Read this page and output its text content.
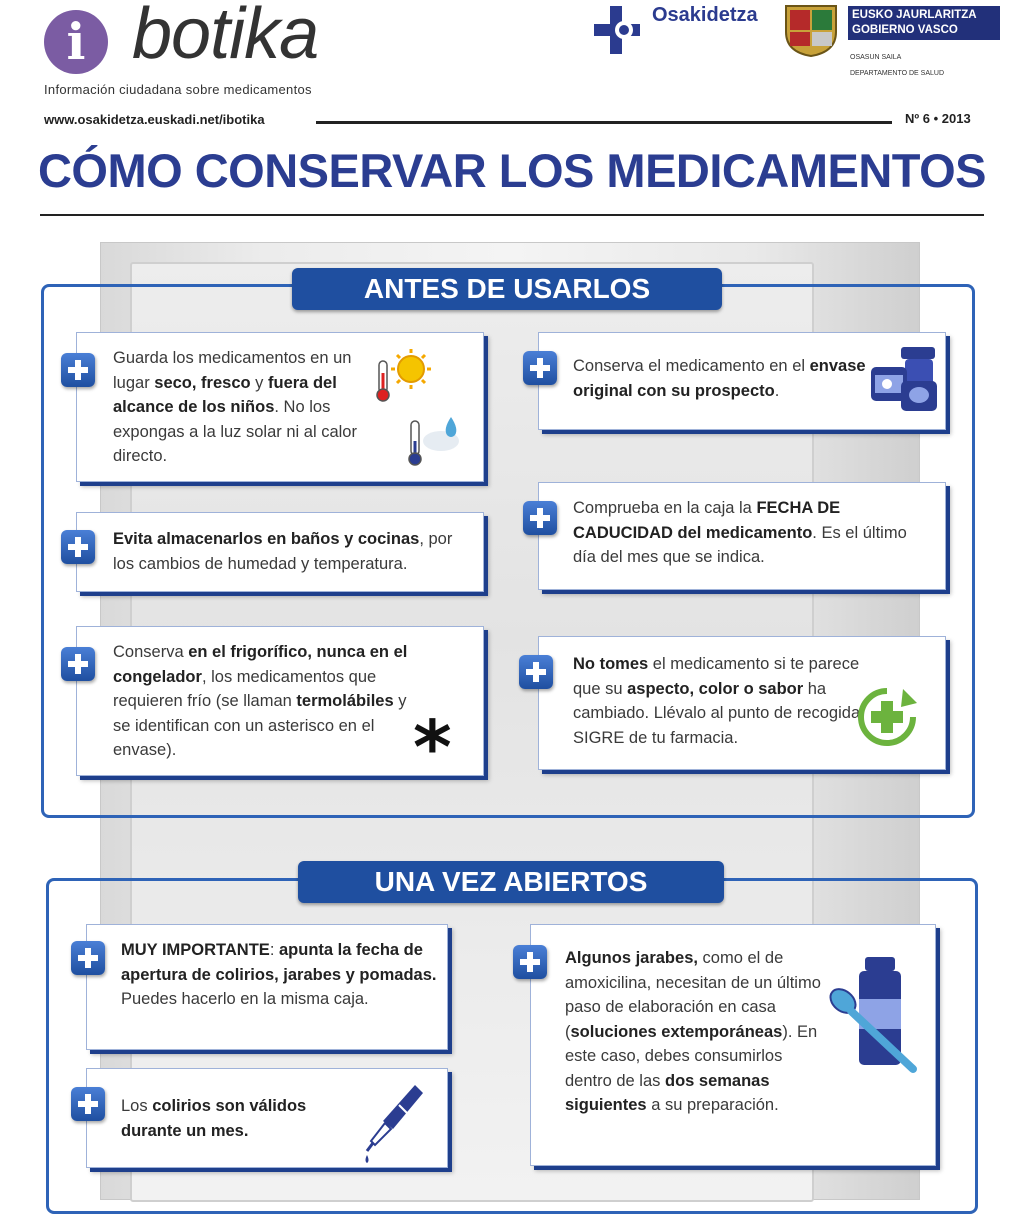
i botika
Información ciudadana sobre medicamentos
Osakidetza	EUSKO JAURLARITZA
GOBIERNO VASCO
OSASUN SAILA
DEPARTAMENTO DE SALUD
www.osakidetza.euskadi.net/ibotika	Nº 6 • 2013
CÓMO CONSERVAR LOS MEDICAMENTOS
ANTES DE USARLOS
Guarda los medicamentos en un lugar seco, fresco y fuera del alcance de los niños. No los expongas a la luz solar ni al calor directo.
Evita almacenarlos en baños y cocinas, por los cambios de humedad y temperatura.
Conserva en el frigorífico, nunca en el congelador, los medicamentos que requieren frío (se llaman termolábiles y se identifican con un asterisco en el envase).	*
Conserva el medicamento en el envase original con su prospecto.
Comprueba en la caja la FECHA DE CADUCIDAD del medicamento. Es el último día del mes que se indica.
No tomes el medicamento si te parece que su aspecto, color o sabor ha cambiado. Llévalo al punto de recogida SIGRE de tu farmacia.
UNA VEZ ABIERTOS
MUY IMPORTANTE: apunta la fecha de apertura de colirios, jarabes y pomadas. Puedes hacerlo en la misma caja.
Los colirios son válidos durante un mes.
Algunos jarabes, como el de amoxicilina, necesitan de un último paso de elaboración en casa (soluciones extemporáneas). En este caso, debes consumirlos dentro de las dos semanas siguientes a su preparación.
